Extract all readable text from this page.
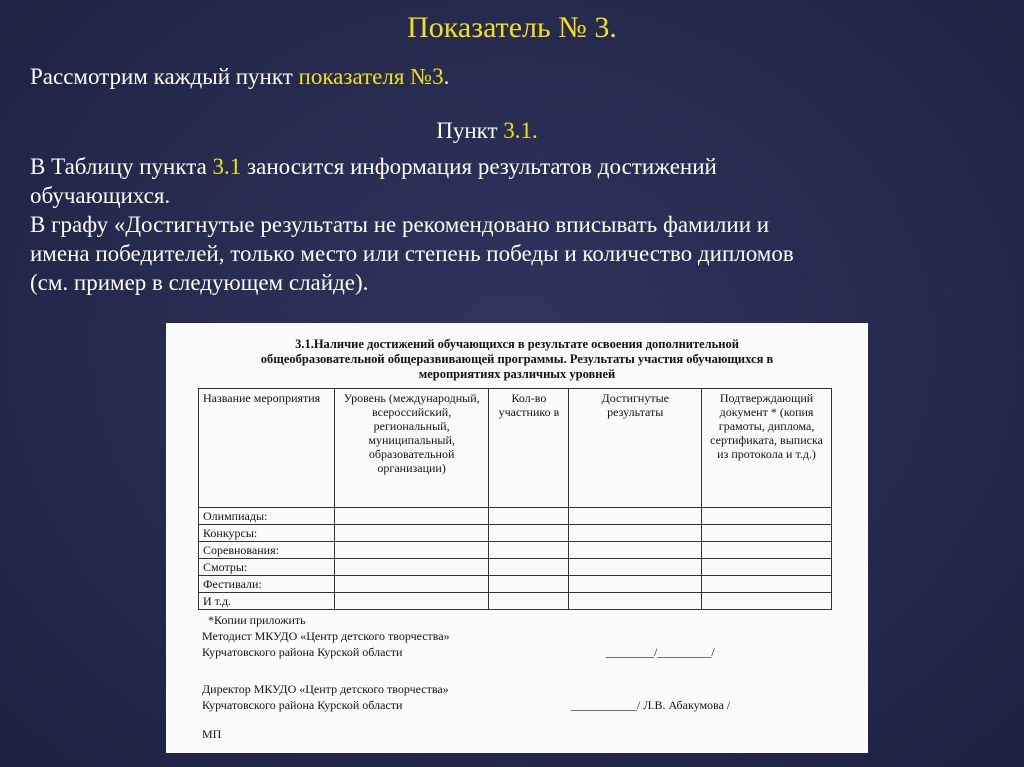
Показатель № 3.
Рассмотрим каждый пункт показателя №3.
Пункт 3.1.
В Таблицу пункта 3.1 заносится информация результатов достижений
обучающихся.
В графу «Достигнутые результаты не рекомендовано вписывать фамилии и
имена победителей, только место или степень победы и количество дипломов
(см. пример в следующем слайде).
3.1.Наличие достижений обучающихся в результате освоения дополнительной
общеобразовательной общеразвивающей программы. Результаты участия обучающихся в
мероприятиях различных уровней
Название мероприятия	Уровень (международный, всероссийский, региональный, муниципальный, образовательной организации)	Кол-во участнико в	Достигнутые результаты	Подтверждающий документ * (копия грамоты, диплома, сертификата, выписка из протокола и т.д.)
Олимпиады:				
Конкурсы:				
Соревнования:				
Смотры:				
Фестивали:				
И т.д.				
*Копии приложить
Методист МКУДО «Центр детского творчества»
Курчатовского района Курской области	________/_________/
Директор МКУДО «Центр детского творчества»
Курчатовского района Курской области	___________/ Л.В. Абакумова /
МП
